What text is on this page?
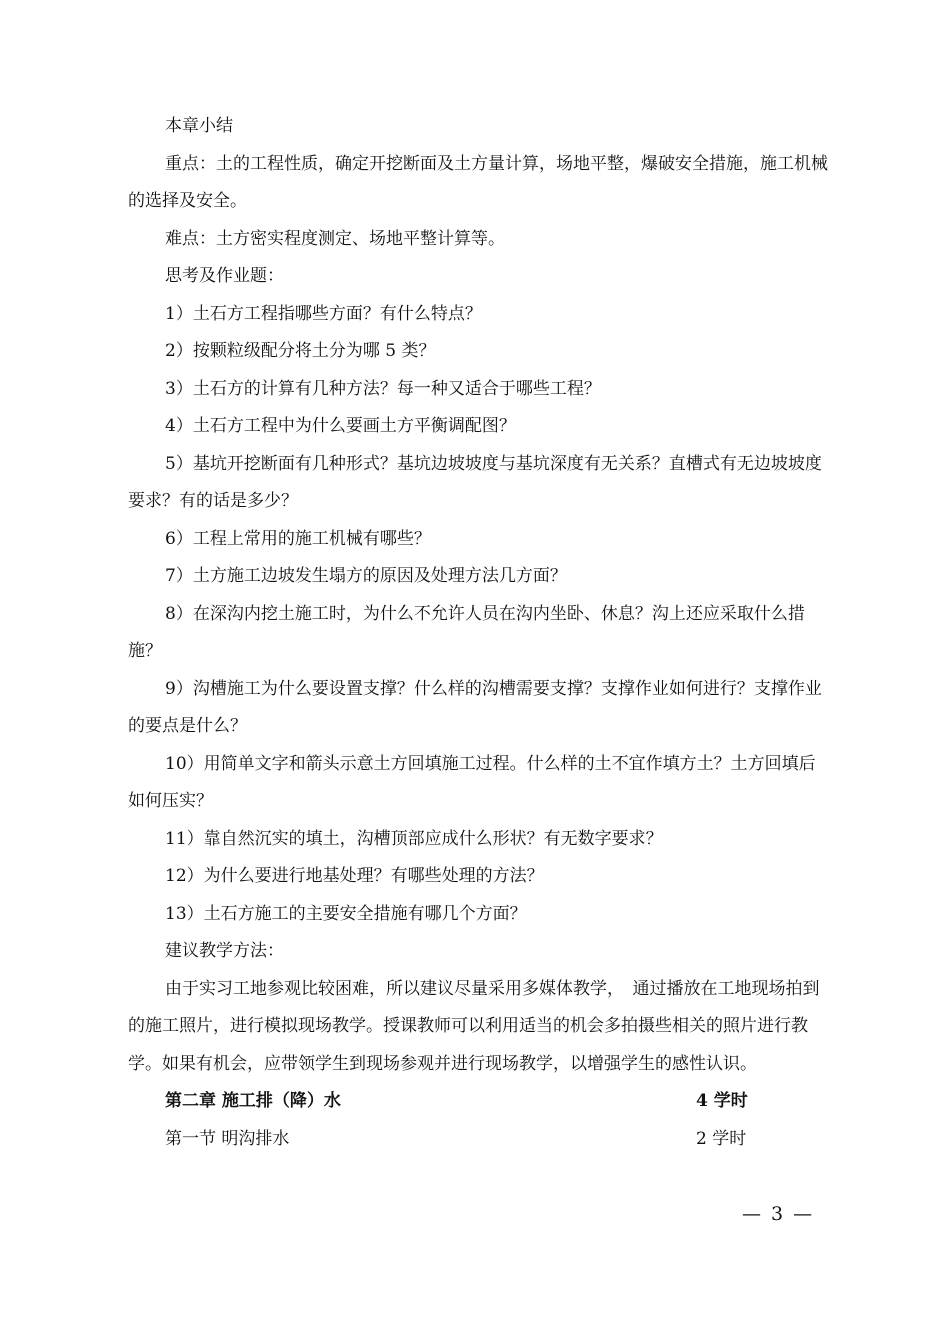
本章小结

重点：土的工程性质，确定开挖断面及土方量计算，场地平整，爆破安全措施，施工机械的选择及安全。

难点：土方密实程度测定、场地平整计算等。

思考及作业题：

1）土石方工程指哪些方面？有什么特点？

2）按颗粒级配分将土分为哪 5 类？

3）土石方的计算有几种方法？每一种又适合于哪些工程？

4）土石方工程中为什么要画土方平衡调配图？

5）基坑开挖断面有几种形式？基坑边坡坡度与基坑深度有无关系？直槽式有无边坡坡度要求？有的话是多少？

6）工程上常用的施工机械有哪些？

7）土方施工边坡发生塌方的原因及处理方法几方面？

8）在深沟内挖土施工时，为什么不允许人员在沟内坐卧、休息？沟上还应采取什么措施？

9）沟槽施工为什么要设置支撑？什么样的沟槽需要支撑？支撑作业如何进行？支撑作业的要点是什么？

10）用简单文字和箭头示意土方回填施工过程。什么样的土不宜作填方土？土方回填后如何压实？

11）靠自然沉实的填土，沟槽顶部应成什么形状？有无数字要求？

12）为什么要进行地基处理？有哪些处理的方法？

13）土石方施工的主要安全措施有哪几个方面？

建议教学方法：

由于实习工地参观比较困难，所以建议尽量采用多媒体教学，　通过播放在工地现场拍到的施工照片，进行模拟现场教学。授课教师可以利用适当的机会多拍摄些相关的照片进行教学。如果有机会，应带领学生到现场参观并进行现场教学，以增强学生的感性认识。

第二章 施工排（降）水	4 学时
第一节 明沟排水	2 学时
— 3 —
